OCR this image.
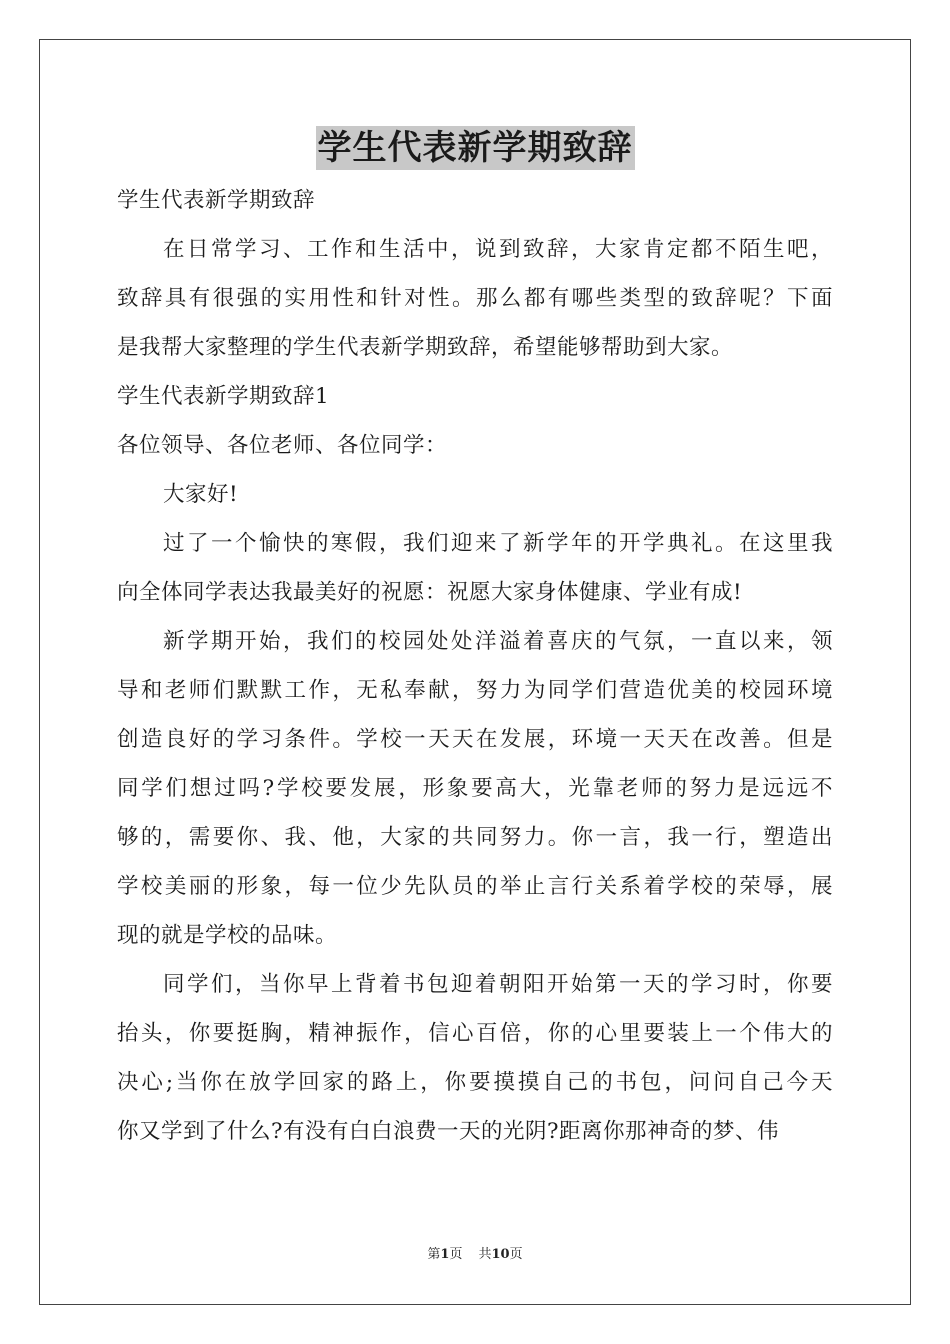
学生代表新学期致辞
学生代表新学期致辞
在日常学习、工作和生活中，说到致辞，大家肯定都不陌生吧，
致辞具有很强的实用性和针对性。那么都有哪些类型的致辞呢？下面
是我帮大家整理的学生代表新学期致辞，希望能够帮助到大家。
学生代表新学期致辞1
各位领导、各位老师、各位同学：
大家好!
过了一个愉快的寒假，我们迎来了新学年的开学典礼。在这里我
向全体同学表达我最美好的祝愿：祝愿大家身体健康、学业有成!
新学期开始，我们的校园处处洋溢着喜庆的气氛，一直以来，领
导和老师们默默工作，无私奉献，努力为同学们营造优美的校园环境
创造良好的学习条件。学校一天天在发展，环境一天天在改善。但是
同学们想过吗?学校要发展，形象要高大，光靠老师的努力是远远不
够的，需要你、我、他，大家的共同努力。你一言，我一行，塑造出
学校美丽的形象，每一位少先队员的举止言行关系着学校的荣辱，展
现的就是学校的品味。
同学们，当你早上背着书包迎着朝阳开始第一天的学习时，你要
抬头，你要挺胸，精神振作，信心百倍，你的心里要装上一个伟大的
决心;当你在放学回家的路上，你要摸摸自己的书包，问问自己今天
你又学到了什么?有没有白白浪费一天的光阴?距离你那神奇的梦、伟
第1页 共10页
